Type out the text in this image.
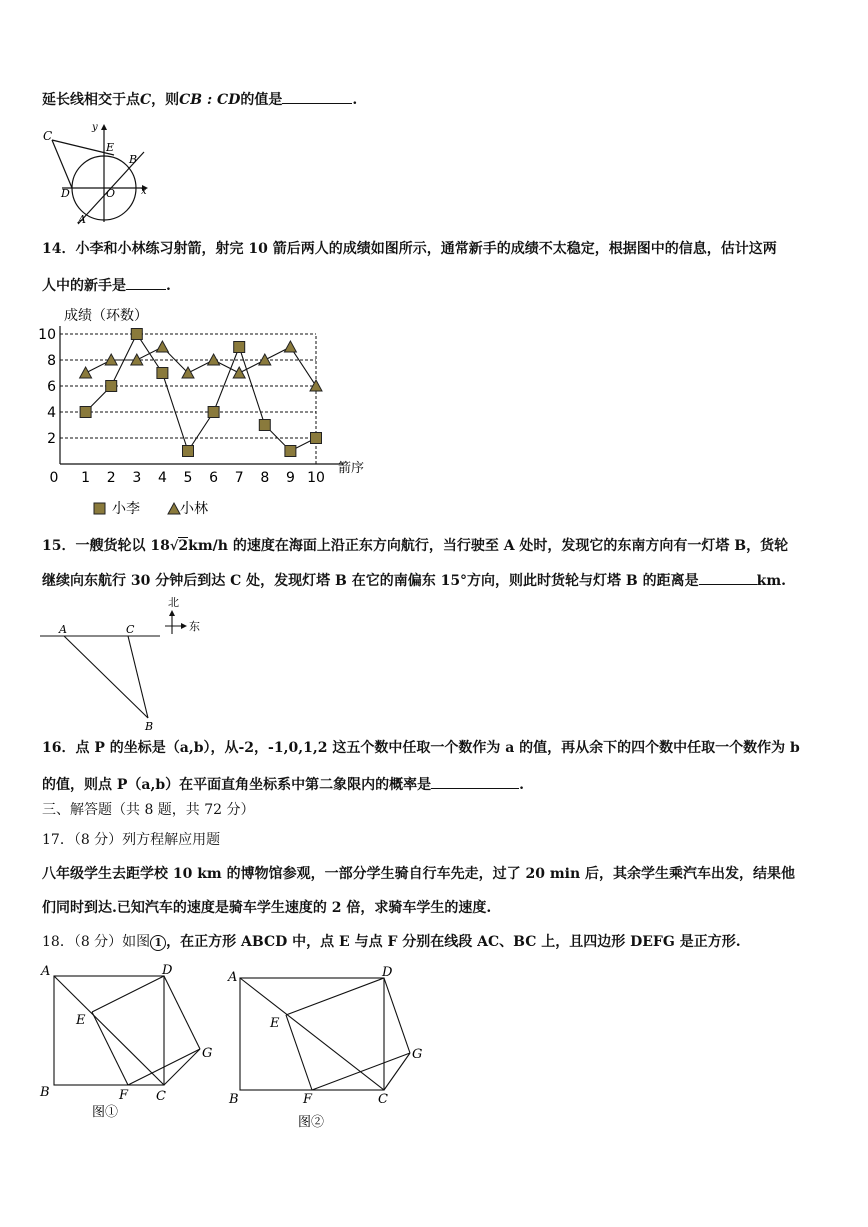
延长线相交于点C，则CB : CD的值是	.
C
y
E
B
D	O	x
A
14．小李和小林练习射箭，射完 10 箭后两人的成绩如图所示，通常新手的成绩不太稳定，根据图中的信息，估计这两
人中的新手是	.
成绩（环数）
箭序
2
4
6
8
10
0 1 2 3 4 5 6 7 8 9 10
小李	小林
15．一艘货轮以 18√2km/h 的速度在海面上沿正东方向航行，当行驶至 A 处时，发现它的东南方向有一灯塔 B，货轮
继续向东航行 30 分钟后到达 C 处，发现灯塔 B 在它的南偏东 15°方向，则此时货轮与灯塔 B 的距离是	km.
北
东
A	C
B
16．点 P 的坐标是（a,b），从-2，-1,0,1,2 这五个数中任取一个数作为 a 的值，再从余下的四个数中任取一个数作为 b
的值，则点 P（a,b）在平面直角坐标系中第二象限内的概率是	.
三、解答题（共 8 题，共 72 分）
17．（8 分）列方程解应用题
八年级学生去距学校 10 km 的博物馆参观，一部分学生骑自行车先走，过了 20 min 后，其余学生乘汽车出发，结果他
们同时到达.已知汽车的速度是骑车学生速度的 2 倍，求骑车学生的速度.
18．（8 分）如图 1 ，在正方形 ABCD 中，点 E 与点 F 分别在线段 AC、BC 上，且四边形 DEFG 是正方形.
A	D
E
G
B	F C
图①
A	D
E
G
B	F	C
图②
